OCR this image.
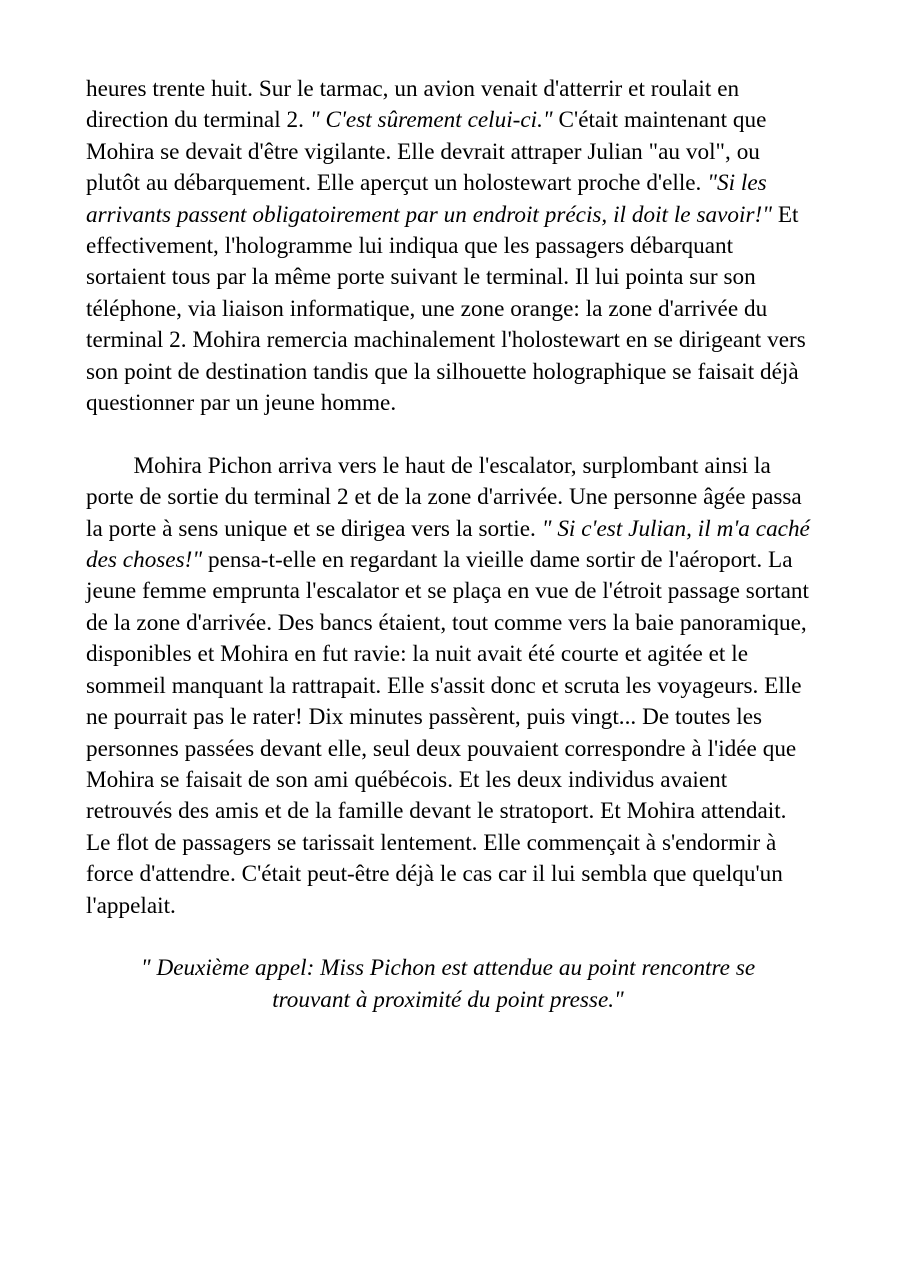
heures trente huit. Sur le tarmac, un avion venait d'atterrir et roulait en direction du terminal 2. " C'est sûrement celui-ci." C'était maintenant que Mohira se devait d'être vigilante. Elle devrait attraper Julian "au vol", ou plutôt au débarquement. Elle aperçut un holostewart proche d'elle. "Si les arrivants passent obligatoirement par un endroit précis, il doit le savoir!" Et effectivement, l'hologramme lui indiqua que les passagers débarquant sortaient tous par la même porte suivant le terminal. Il lui pointa sur son téléphone, via liaison informatique, une zone orange: la zone d'arrivée du terminal 2. Mohira remercia machinalement l'holostewart en se dirigeant vers son point de destination tandis que la silhouette holographique se faisait déjà questionner par un jeune homme.

Mohira Pichon arriva vers le haut de l'escalator, surplombant ainsi la porte de sortie du terminal 2 et de la zone d'arrivée. Une personne âgée passa la porte à sens unique et se dirigea vers la sortie. " Si c'est Julian, il m'a caché des choses!" pensa-t-elle en regardant la vieille dame sortir de l'aéroport. La jeune femme emprunta l'escalator et se plaça en vue de l'étroit passage sortant de la zone d'arrivée. Des bancs étaient, tout comme vers la baie panoramique, disponibles et Mohira en fut ravie: la nuit avait été courte et agitée et le sommeil manquant la rattrapait. Elle s'assit donc et scruta les voyageurs. Elle ne pourrait pas le rater! Dix minutes passèrent, puis vingt... De toutes les personnes passées devant elle, seul deux pouvaient correspondre à l'idée que Mohira se faisait de son ami québécois. Et les deux individus avaient retrouvés des amis et de la famille devant le stratoport. Et Mohira attendait. Le flot de passagers se tarissait lentement. Elle commençait à s'endormir à force d'attendre. C'était peut-être déjà le cas car il lui sembla que quelqu'un l'appelait.

" Deuxième appel: Miss Pichon est attendue au point rencontre se trouvant à proximité du point presse."
